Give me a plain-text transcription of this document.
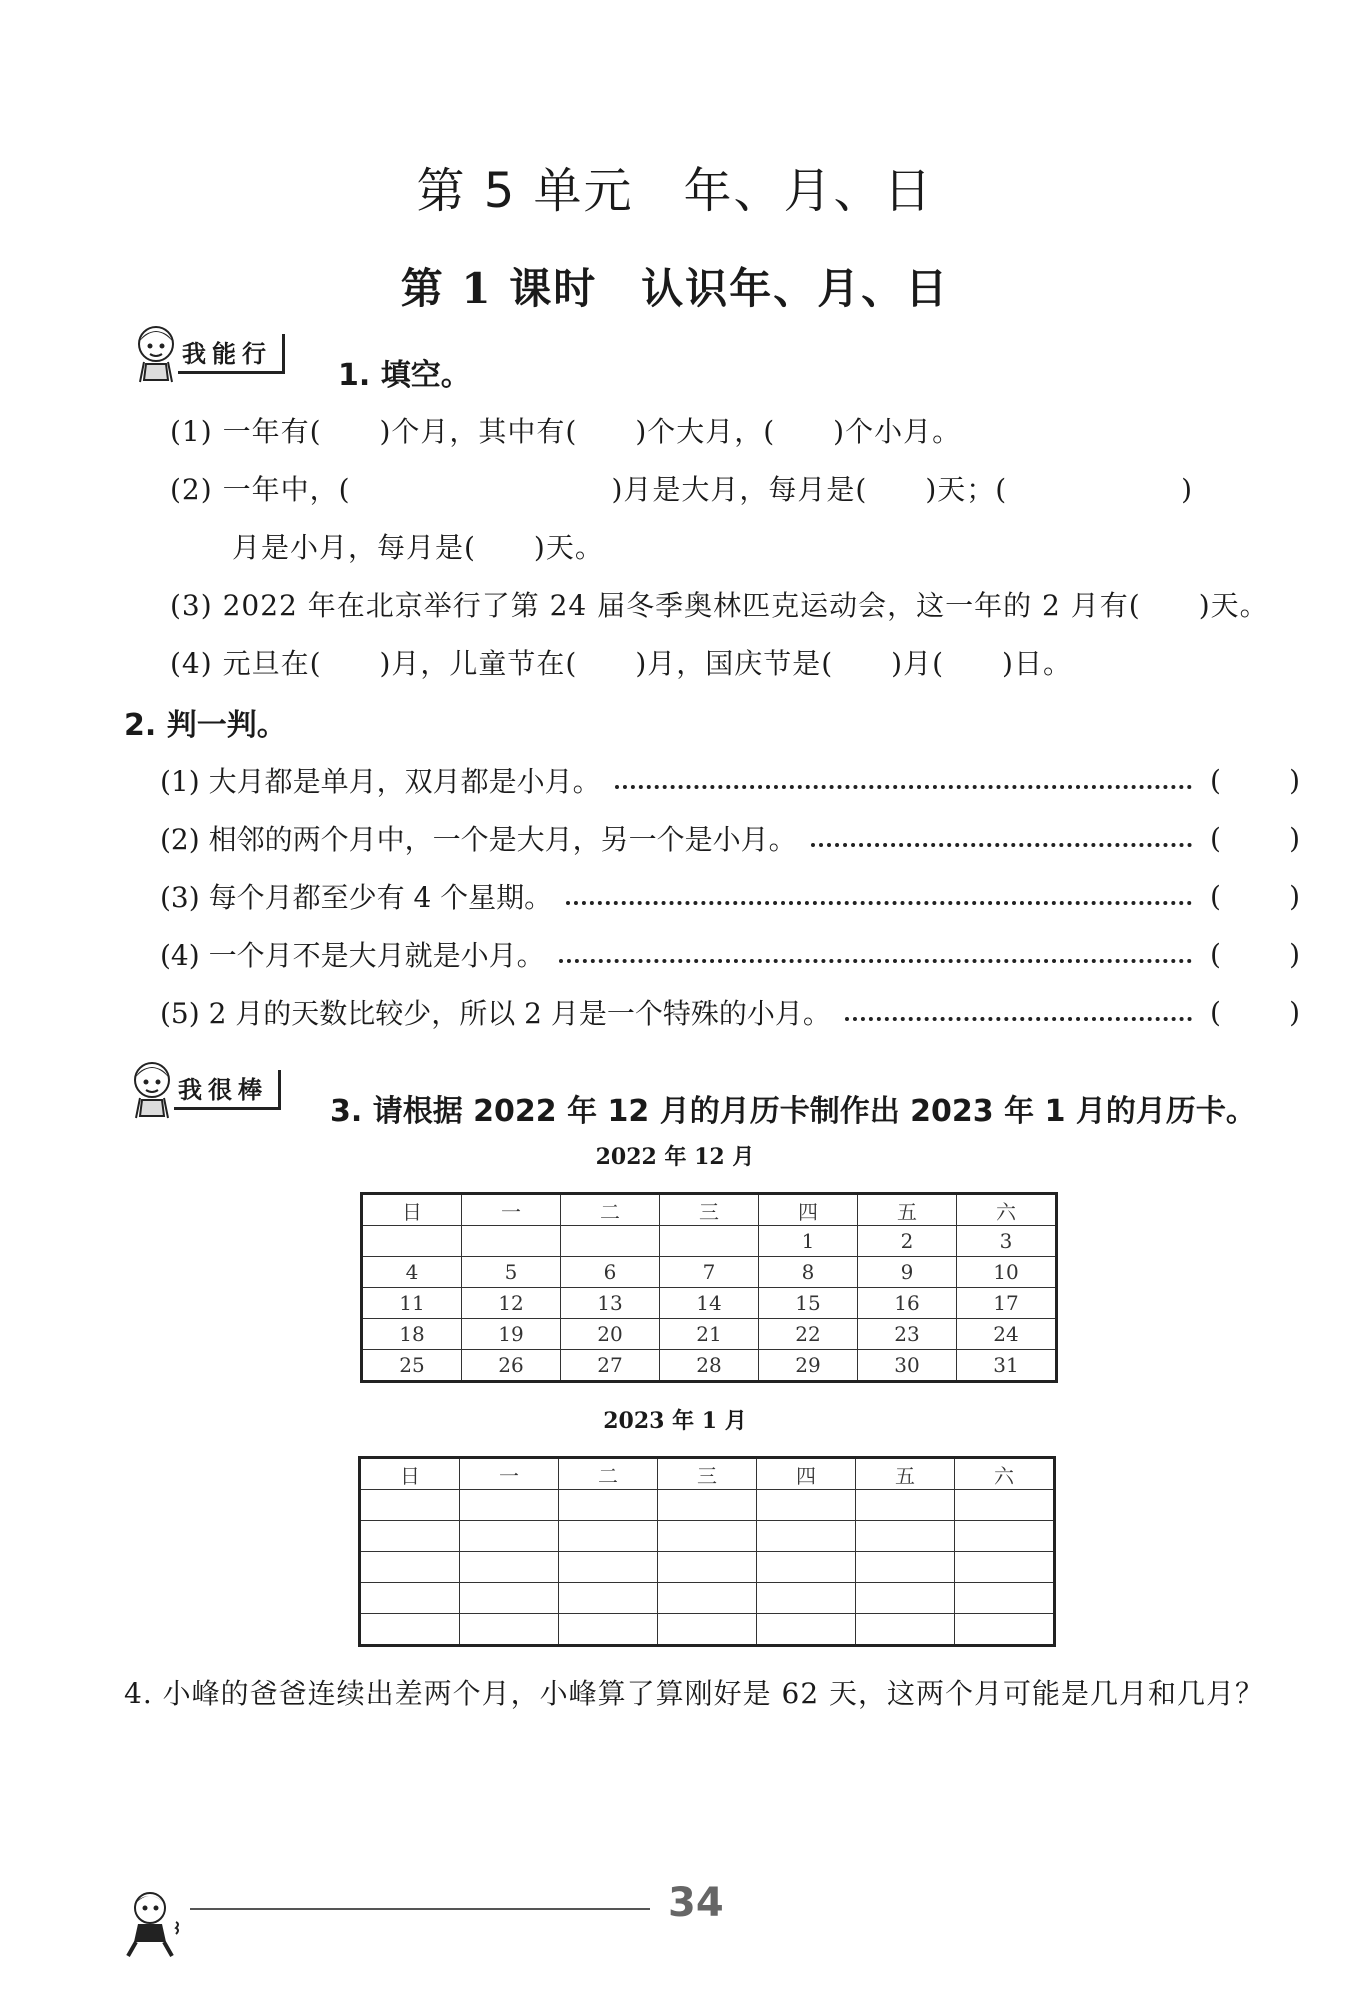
第 5 单元　年、月、日
第 1 课时　认识年、月、日
我能行
1. 填空。
(1) 一年有(　　)个月，其中有(　　)个大月，(　　)个小月。
(2) 一年中，(　　　　　　　　　)月是大月，每月是(　　)天；(　　　　　　)
月是小月，每月是(　　)天。
(3) 2022 年在北京举行了第 24 届冬季奥林匹克运动会，这一年的 2 月有(　　)天。
(4) 元旦在(　　)月，儿童节在(　　)月，国庆节是(　　)月(　　)日。
2. 判一判。
(1) 大月都是单月，双月都是小月。	( )
(2) 相邻的两个月中，一个是大月，另一个是小月。	( )
(3) 每个月都至少有 4 个星期。	( )
(4) 一个月不是大月就是小月。	( )
(5) 2 月的天数比较少，所以 2 月是一个特殊的小月。	( )
我很棒
3. 请根据 2022 年 12 月的月历卡制作出 2023 年 1 月的月历卡。
2022 年 12 月
日	一	二	三	四	五	六
				1	2	3
4	5	6	7	8	9	10
11	12	13	14	15	16	17
18	19	20	21	22	23	24
25	26	27	28	29	30	31
2023 年 1 月
日	一	二	三	四	五	六

4. 小峰的爸爸连续出差两个月，小峰算了算刚好是 62 天，这两个月可能是几月和几月？
34
